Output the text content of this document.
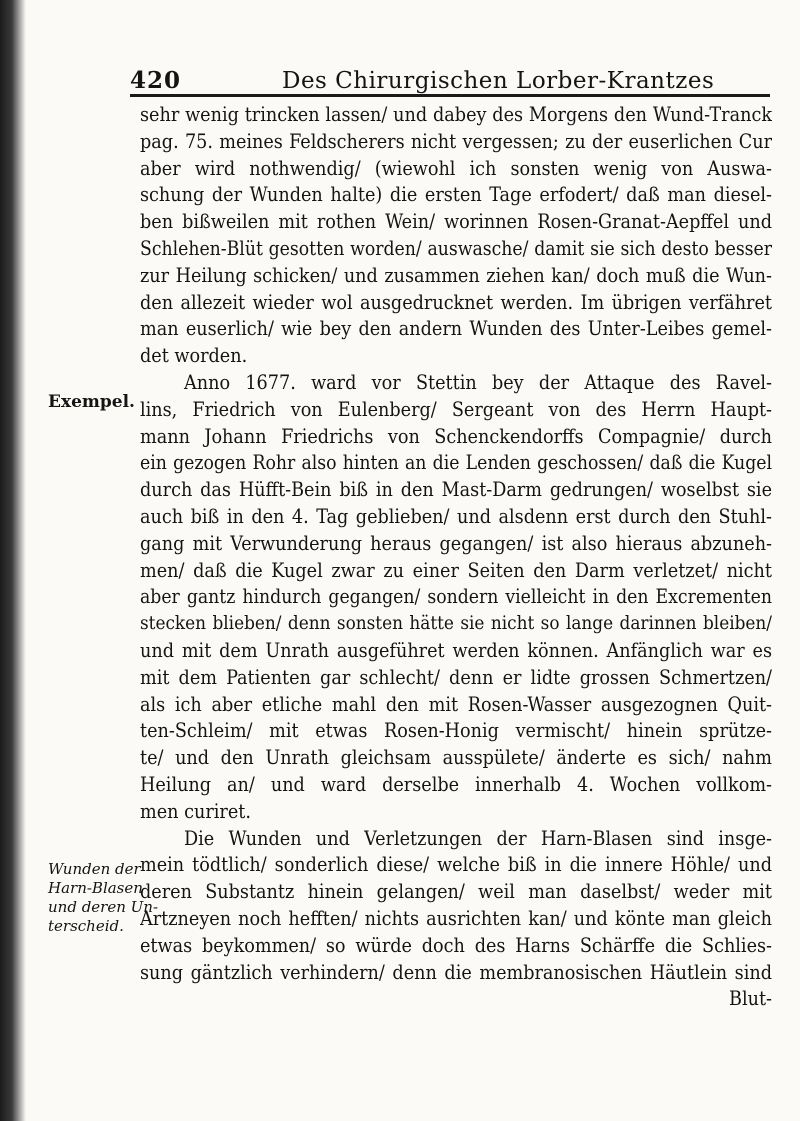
420	Des Chirurgischen Lorber-Krantzes
Exempel.
Wunden der
Harn-Blasen
und deren Un-
terscheid.
sehr wenig trincken lassen/ und dabey des Morgens den Wund-Tranck
pag. 75. meines Feldscherers nicht vergessen; zu der euserlichen Cur
aber wird nothwendig/ (wiewohl ich sonsten wenig von Auswa-
schung der Wunden halte) die ersten Tage erfodert/ daß man diesel-
ben bißweilen mit rothen Wein/ worinnen Rosen-Granat-Aepffel und
Schlehen-Blüt gesotten worden/ auswasche/ damit sie sich desto besser
zur Heilung schicken/ und zusammen ziehen kan/ doch muß die Wun-
den allezeit wieder wol ausgedrucknet werden. Im übrigen verfähret
man euserlich/ wie bey den andern Wunden des Unter-Leibes gemel-
det worden.
Anno 1677. ward vor Stettin bey der Attaque des Ravel-
lins, Friedrich von Eulenberg/ Sergeant von des Herrn Haupt-
mann Johann Friedrichs von Schenckendorffs Compagnie/ durch
ein gezogen Rohr also hinten an die Lenden geschossen/ daß die Kugel
durch das Hüfft-Bein biß in den Mast-Darm gedrungen/ woselbst sie
auch biß in den 4. Tag geblieben/ und alsdenn erst durch den Stuhl-
gang mit Verwunderung heraus gegangen/ ist also hieraus abzuneh-
men/ daß die Kugel zwar zu einer Seiten den Darm verletzet/ nicht
aber gantz hindurch gegangen/ sondern vielleicht in den Excrementen
stecken blieben/ denn sonsten hätte sie nicht so lange darinnen bleiben/
und mit dem Unrath ausgeführet werden können. Anfänglich war es
mit dem Patienten gar schlecht/ denn er lidte grossen Schmertzen/
als ich aber etliche mahl den mit Rosen-Wasser ausgezognen Quit-
ten-Schleim/ mit etwas Rosen-Honig vermischt/ hinein sprütze-
te/ und den Unrath gleichsam ausspülete/ änderte es sich/ nahm
Heilung an/ und ward derselbe innerhalb 4. Wochen vollkom-
men curiret.
Die Wunden und Verletzungen der Harn-Blasen sind insge-
mein tödtlich/ sonderlich diese/ welche biß in die innere Höhle/ und
deren Substantz hinein gelangen/ weil man daselbst/ weder mit
Artzneyen noch hefften/ nichts ausrichten kan/ und könte man gleich
etwas beykommen/ so würde doch des Harns Schärffe die Schlies-
sung gäntzlich verhindern/ denn die membranosischen Häutlein sind
Blut-
